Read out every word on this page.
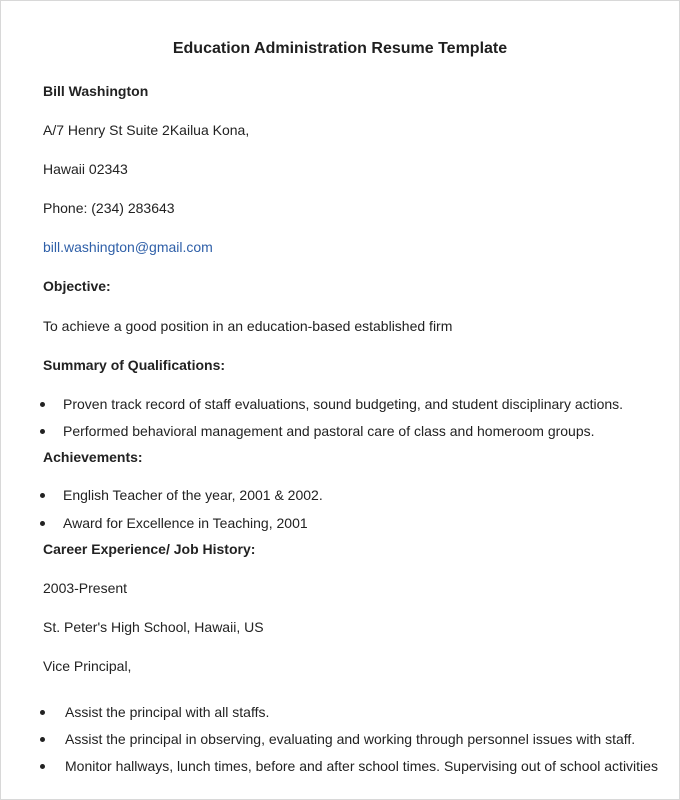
Education Administration Resume Template
Bill Washington
A/7 Henry St Suite 2Kailua Kona,
Hawaii 02343
Phone: (234) 283643
bill.washington@gmail.com
Objective:
To achieve a good position in an education-based established firm
Summary of Qualifications:
Proven track record of staff evaluations, sound budgeting, and student disciplinary actions.
Performed behavioral management and pastoral care of class and homeroom groups.
Achievements:
English Teacher of the year, 2001 & 2002.
Award for Excellence in Teaching, 2001
Career Experience/ Job History:
2003-Present
St. Peter's High School, Hawaii, US
Vice Principal,
Assist the principal with all staffs.
Assist the principal in observing, evaluating and working through personnel issues with staff.
Monitor hallways, lunch times, before and after school times. Supervising out of school activities
